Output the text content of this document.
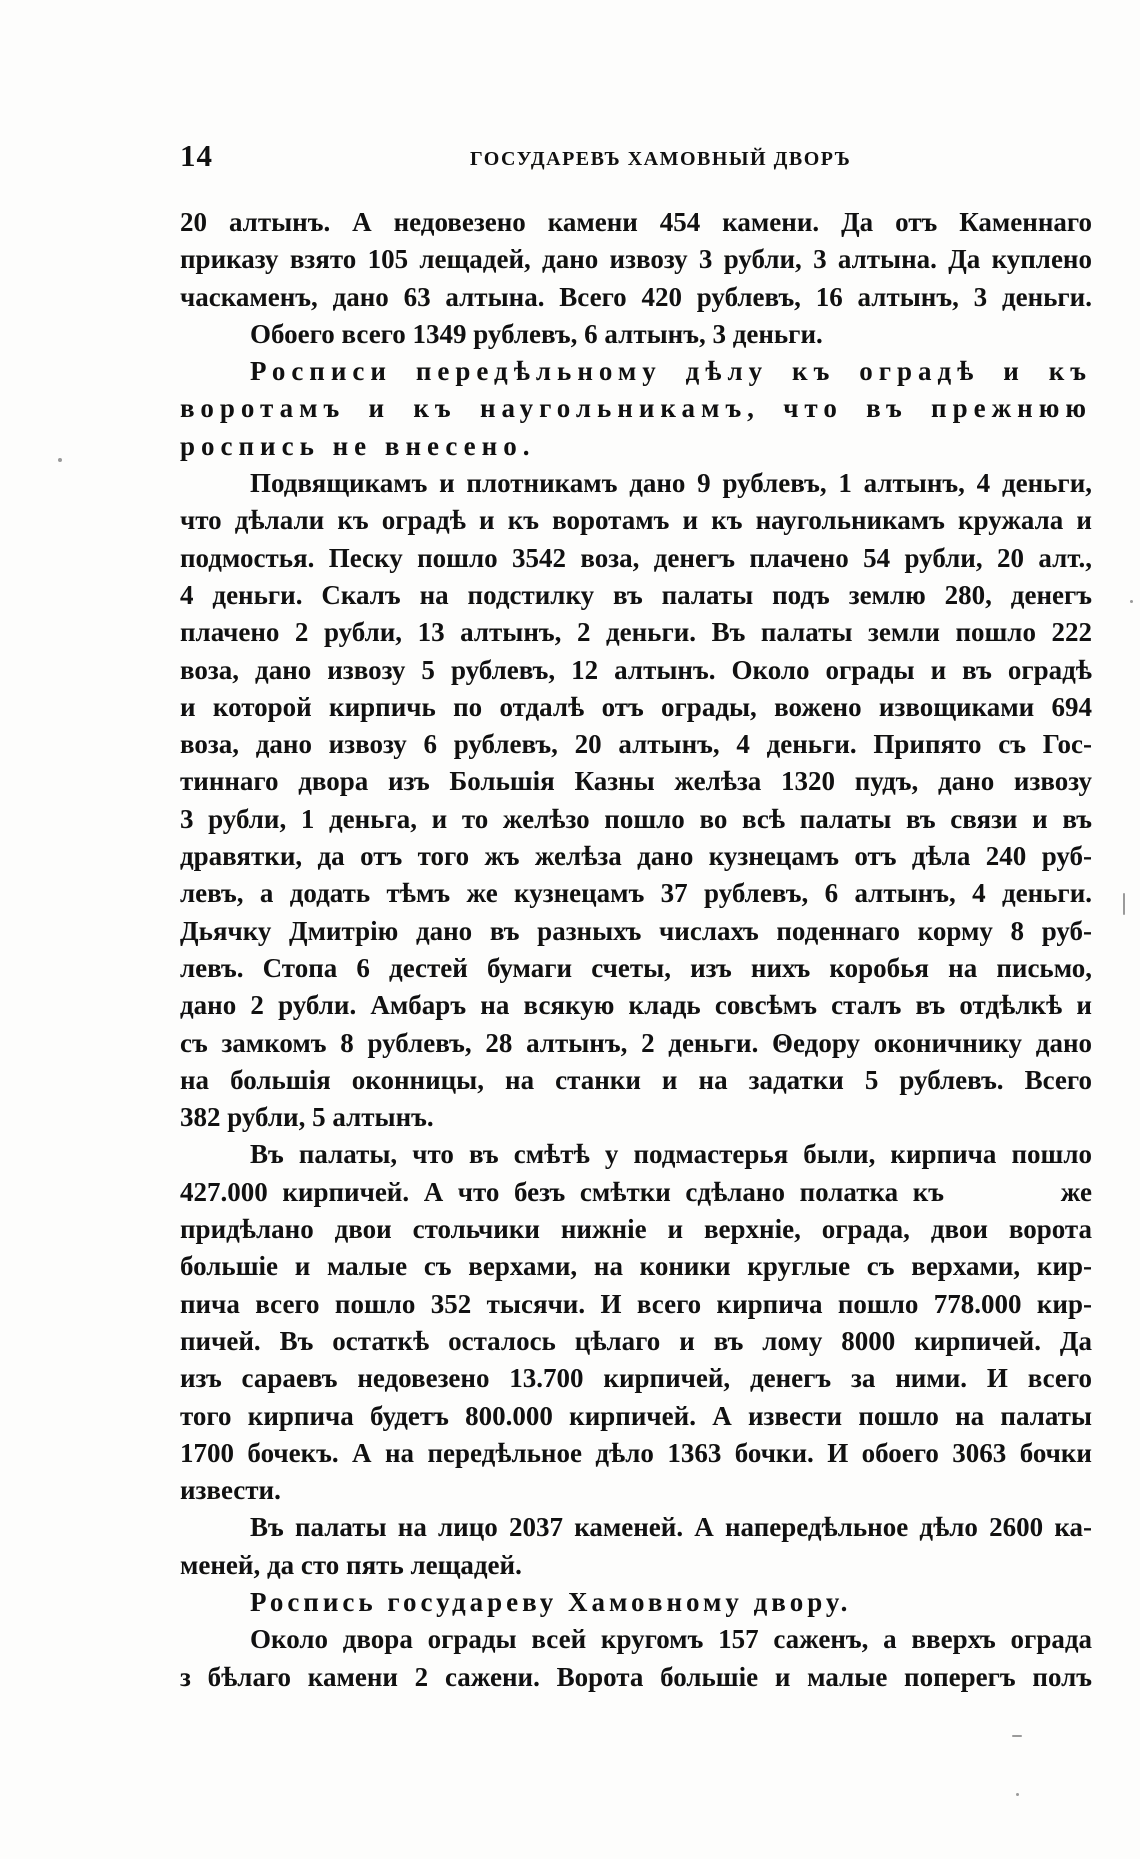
14	ГОСУДАРЕВЪ ХАМОВНЫЙ ДВОРЪ
20 алтынъ. А недовезено камени 454 камени. Да отъ Каменнаго
приказу взято 105 лещадей, дано извозу 3 рубли, 3 алтына. Да куплено
часкаменъ, дано 63 алтына. Всего 420 рублевъ, 16 алтынъ, 3 деньги.
Обоего всего 1349 рублевъ, 6 алтынъ, 3 деньги.
Росписи передѣльному дѣлу къ оградѣ и къ
воротамъ и къ наугольникамъ, что въ прежнюю
роспись не внесено.
Подвящикамъ и плотникамъ дано 9 рублевъ, 1 алтынъ, 4 деньги,
что дѣлали къ оградѣ и къ воротамъ и къ наугольникамъ кружала и
подмостья. Песку пошло 3542 воза, денегъ плачено 54 рубли, 20 алт.,
4 деньги. Скалъ на подстилку въ палаты подъ землю 280, денегъ
плачено 2 рубли, 13 алтынъ, 2 деньги. Въ палаты земли пошло 222
воза, дано извозу 5 рублевъ, 12 алтынъ. Около ограды и въ оградѣ
и которой кирпичь по отдалѣ отъ ограды, вожено извощиками 694
воза, дано извозу 6 рублевъ, 20 алтынъ, 4 деньги. Припято съ Гос-
тиннаго двора изъ Большія Казны желѣза 1320 пудъ, дано извозу
3 рубли, 1 деньга, и то желѣзо пошло во всѣ палаты въ связи и въ
дравятки, да отъ того жъ желѣза дано кузнецамъ отъ дѣла 240 руб-
левъ, а додать тѣмъ же кузнецамъ 37 рублевъ, 6 алтынъ, 4 деньги.
Дьячку Дмитрію дано въ разныхъ числахъ поденнаго корму 8 руб-
левъ. Стопа 6 дестей бумаги счеты, изъ нихъ коробья на письмо,
дано 2 рубли. Амбаръ на всякую кладь совсѣмъ сталъ въ отдѣлкѣ и
съ замкомъ 8 рублевъ, 28 алтынъ, 2 деньги. Θедору оконичнику дано
на большія оконницы, на станки и на задатки 5 рублевъ. Всего
382 рубли, 5 алтынъ.
Въ палаты, что въ смѣтѣ у подмастерья были, кирпича пошло
427.000 кирпичей. А что безъ смѣтки сдѣлано полатка къ        же
придѣлано двои стольчики нижніе и верхніе, ограда, двои ворота
большіе и малые съ верхами, на коники круглые съ верхами, кир-
пича всего пошло 352 тысячи. И всего кирпича пошло 778.000 кир-
пичей. Въ остаткѣ осталось цѣлаго и въ лому 8000 кирпичей. Да
изъ сараевъ недовезено 13.700 кирпичей, денегъ за ними. И всего
того кирпича будетъ 800.000 кирпичей. А извести пошло на палаты
1700 бочекъ. А на передѣльное дѣло 1363 бочки. И обоего 3063 бочки
извести.
Въ палаты на лицо 2037 каменей. А напередѣльное дѣло 2600 ка-
меней, да сто пять лещадей.
Роспись государеву Хамовному двору.
Около двора ограды всей кругомъ 157 саженъ, а вверхъ ограда
з бѣлаго камени 2 сажени. Ворота большіе и малые поперегъ полъ
